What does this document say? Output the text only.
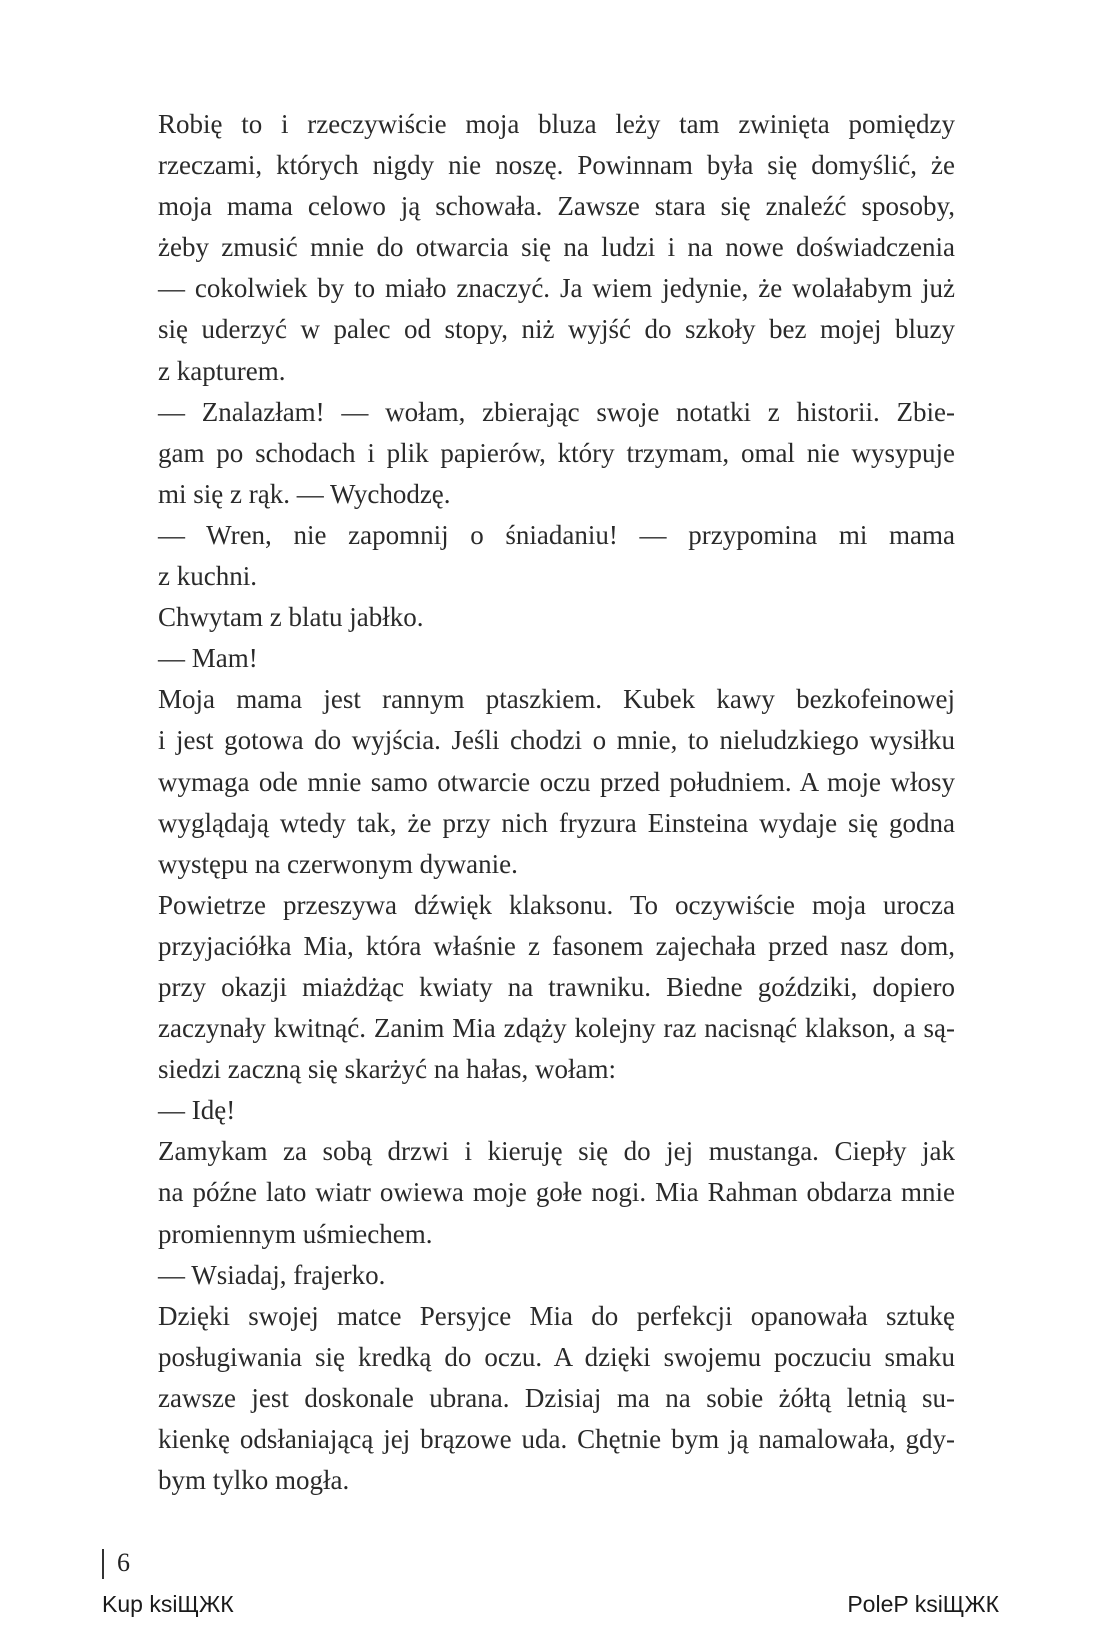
Robię to i rzeczywiście moja bluza leży tam zwinięta pomiędzy
rzeczami, których nigdy nie noszę. Powinnam była się domyślić, że
moja mama celowo ją schowała. Zawsze stara się znaleźć sposoby,
żeby zmusić mnie do otwarcia się na ludzi i na nowe doświadczenia
— cokolwiek by to miało znaczyć. Ja wiem jedynie, że wolałabym już
się uderzyć w palec od stopy, niż wyjść do szkoły bez mojej bluzy
z kapturem.

— Znalazłam! — wołam, zbierając swoje notatki z historii. Zbie-
gam po schodach i plik papierów, który trzymam, omal nie wysypuje
mi się z rąk. — Wychodzę.

— Wren, nie zapomnij o śniadaniu! — przypomina mi mama
z kuchni.

Chwytam z blatu jabłko.

— Mam!

Moja mama jest rannym ptaszkiem. Kubek kawy bezkofeinowej
i jest gotowa do wyjścia. Jeśli chodzi o mnie, to nieludzkiego wysiłku
wymaga ode mnie samo otwarcie oczu przed południem. A moje włosy
wyglądają wtedy tak, że przy nich fryzura Einsteina wydaje się godna
występu na czerwonym dywanie.

Powietrze przeszywa dźwięk klaksonu. To oczywiście moja urocza
przyjaciółka Mia, która właśnie z fasonem zajechała przed nasz dom,
przy okazji miażdżąc kwiaty na trawniku. Biedne goździki, dopiero
zaczynały kwitnąć. Zanim Mia zdąży kolejny raz nacisnąć klakson, a są-
siedzi zaczną się skarżyć na hałas, wołam:

— Idę!

Zamykam za sobą drzwi i kieruję się do jej mustanga. Ciepły jak
na późne lato wiatr owiewa moje gołe nogi. Mia Rahman obdarza mnie
promiennym uśmiechem.

— Wsiadaj, frajerko.

Dzięki swojej matce Persyjce Mia do perfekcji opanowała sztukę
posługiwania się kredką do oczu. A dzięki swojemu poczuciu smaku
zawsze jest doskonale ubrana. Dzisiaj ma na sobie żółtą letnią su-
kienkę odsłaniającą jej brązowe uda. Chętnie bym ją namalowała, gdy-
bym tylko mogła.

6
Kup ksiЩЖК	PoleP ksiЩЖК
